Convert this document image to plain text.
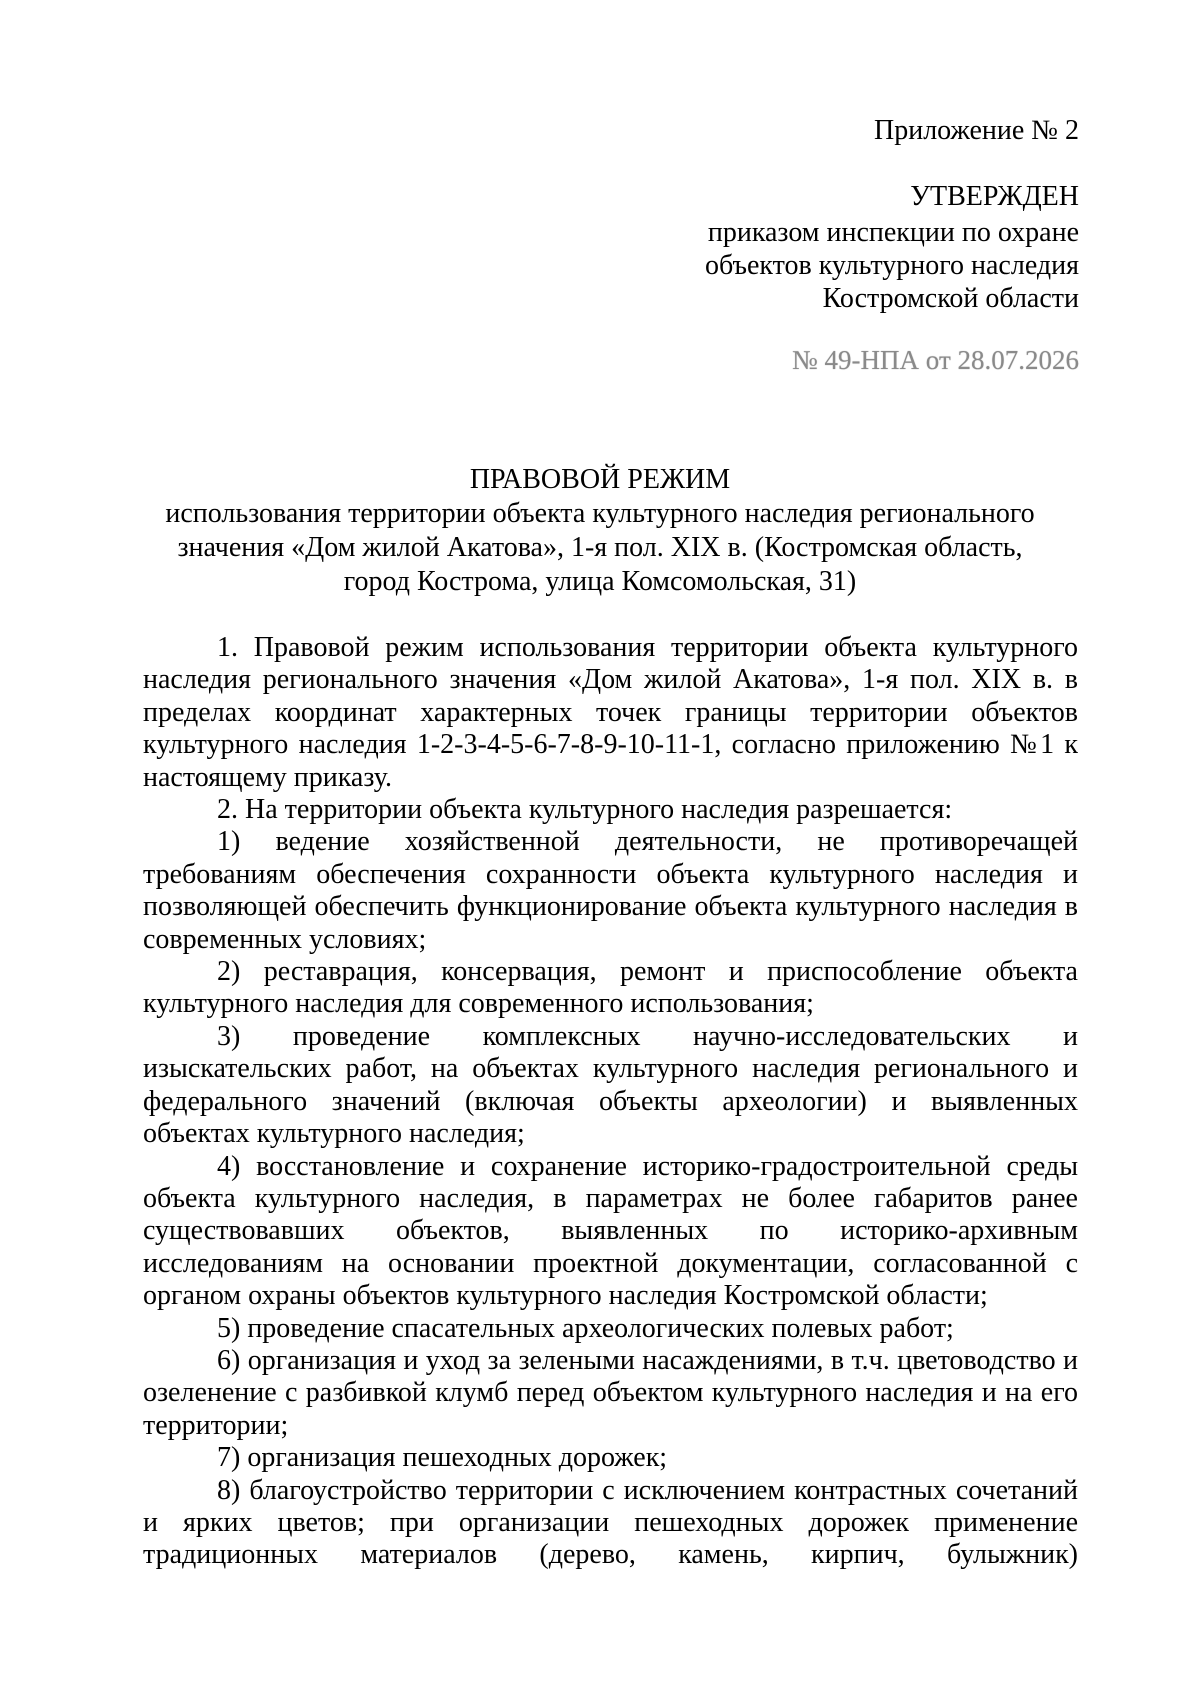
Приложение № 2
УТВЕРЖДЕН
приказом инспекции по охране
объектов культурного наследия
Костромской области
№ 49-НПА от 28.07.2026
ПРАВОВОЙ РЕЖИМ
использования территории объекта культурного наследия регионального
значения «Дом жилой Акатова», 1-я пол. XIX в. (Костромская область,
город Кострома, улица Комсомольская, 31)

1. Правовой режим использования территории объекта культурного наследия регионального значения «Дом жилой Акатова», 1-я пол. XIX в. в пределах координат характерных точек границы территории объектов культурного наследия 1-2-3-4-5-6-7-8-9-10-11-1, согласно приложению №1 к настоящему приказу.

2. На территории объекта культурного наследия разрешается:

1) ведение хозяйственной деятельности, не противоречащей требованиям обеспечения сохранности объекта культурного наследия и позволяющей обеспечить функционирование объекта культурного наследия в современных условиях;

2) реставрация, консервация, ремонт и приспособление объекта культурного наследия для современного использования;

3) проведение комплексных научно-исследовательских и изыскательских работ, на объектах культурного наследия регионального и федерального значений (включая объекты археологии) и выявленных объектах культурного наследия;

4) восстановление и сохранение историко-градостроительной среды объекта культурного наследия, в параметрах не более габаритов ранее существовавших объектов, выявленных по историко-архивным исследованиям на основании проектной документации, согласованной с органом охраны объектов культурного наследия Костромской области;

5) проведение спасательных археологических полевых работ;

6) организация и уход за зелеными насаждениями, в т.ч. цветоводство и озеленение с разбивкой клумб перед объектом культурного наследия и на его территории;

7) организация пешеходных дорожек;

8) благоустройство территории с исключением контрастных сочетаний и ярких цветов; при организации пешеходных дорожек применение традиционных материалов (дерево, камень, кирпич, булыжник)
